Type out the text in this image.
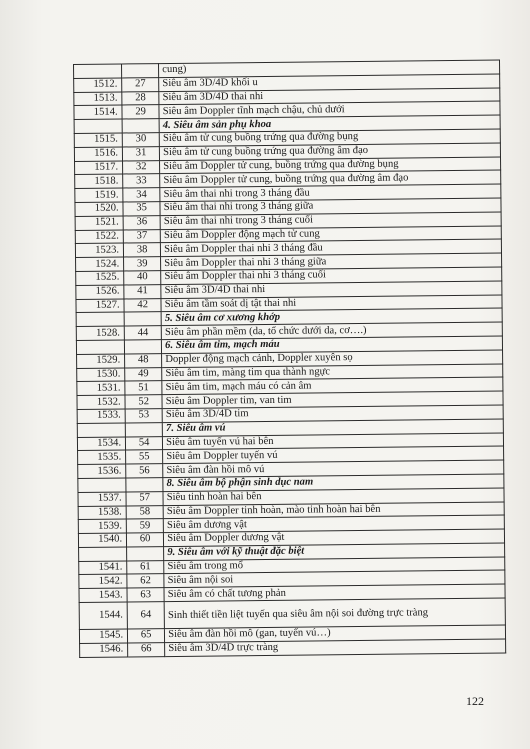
		cung)
1512.	27	Siêu âm 3D/4D khối u
1513.	28	Siêu âm 3D/4D thai nhi
1514.	29	Siêu âm Doppler tĩnh mạch chậu, chủ dưới
		4. Siêu âm sản phụ khoa
1515.	30	Siêu âm tử cung buồng trứng qua đường bụng
1516.	31	Siêu âm tử cung buồng trứng qua đường âm đạo
1517.	32	Siêu âm Doppler tử cung, buồng trứng qua đường bụng
1518.	33	Siêu âm Doppler tử cung, buồng trứng qua đường âm đạo
1519.	34	Siêu âm thai nhi trong 3 tháng đầu
1520.	35	Siêu âm thai nhi trong 3 tháng giữa
1521.	36	Siêu âm thai nhi trong 3 tháng cuối
1522.	37	Siêu âm Doppler động mạch tử cung
1523.	38	Siêu âm Doppler thai nhi 3 tháng đầu
1524.	39	Siêu âm Doppler thai nhi 3 tháng giữa
1525.	40	Siêu âm Doppler thai nhi 3 tháng cuối
1526.	41	Siêu âm 3D/4D thai nhi
1527.	42	Siêu âm tầm soát dị tật thai nhi
		5. Siêu âm cơ xương khớp
1528.	44	Siêu âm phần mềm (da, tổ chức dưới da, cơ….)
		6. Siêu âm tim, mạch máu
1529.	48	Doppler động mạch cảnh, Doppler xuyên sọ
1530.	49	Siêu âm tim, màng tim qua thành ngực
1531.	51	Siêu âm tim, mạch máu có cản âm
1532.	52	Siêu âm Doppler tim, van tim
1533.	53	Siêu âm 3D/4D tim
		7. Siêu âm vú
1534.	54	Siêu âm tuyến vú hai bên
1535.	55	Siêu âm Doppler tuyến vú
1536.	56	Siêu âm đàn hồi mô vú
		8. Siêu âm bộ phận sinh dục nam
1537.	57	Siêu tinh hoàn hai bên
1538.	58	Siêu âm Doppler tinh hoàn, mào tinh hoàn hai bên
1539.	59	Siêu âm dương vật
1540.	60	Siêu âm Doppler dương vật
		9. Siêu âm với kỹ thuật đặc biệt
1541.	61	Siêu âm trong mổ
1542.	62	Siêu âm nội soi
1543.	63	Siêu âm có chất tương phản
1544.	64	Sinh thiết tiền liệt tuyến qua siêu âm nội soi đường trực tràng
1545.	65	Siêu âm đàn hồi mô (gan, tuyến vú…)
1546.	66	Siêu âm 3D/4D trực tràng
122
